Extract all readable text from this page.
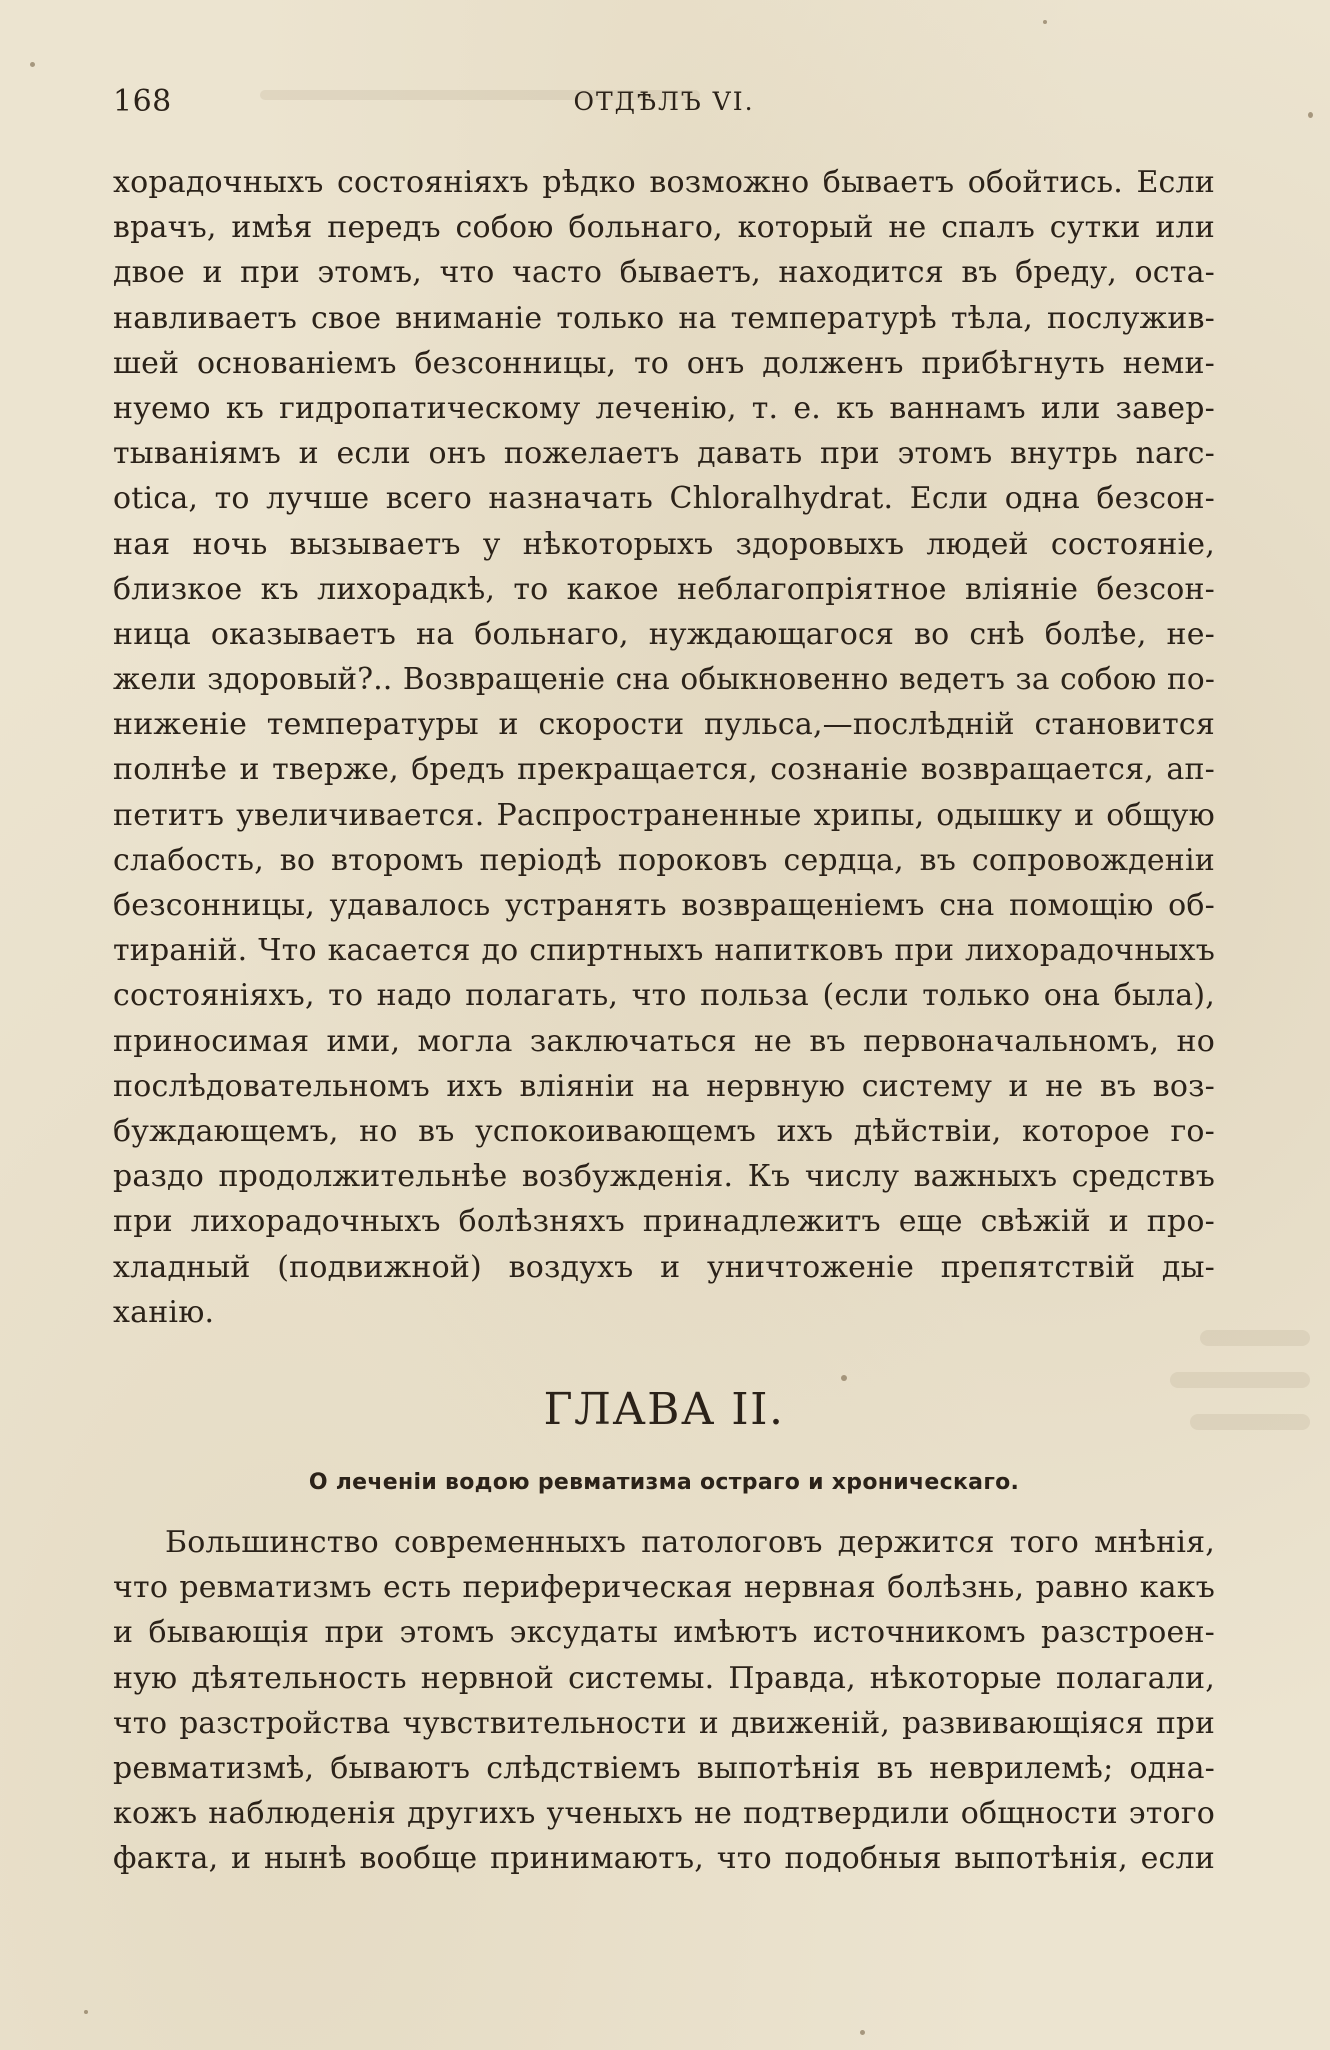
168	ОТДѢЛЪ VI.
хорадочныхъ состоянiяхъ рѣдко возможно бываетъ обойтись. Если
врачъ, имѣя передъ собою больнаго, который не спалъ сутки или
двое и при этомъ, что часто бываетъ, находится въ бреду, оста-
навливаетъ свое вниманiе только на температурѣ тѣла, послужив-
шей основанiемъ безсонницы, то онъ долженъ прибѣгнуть неми-
нуемо къ гидропатическому леченiю, т. е. къ ваннамъ или завер-
тыванiямъ и если онъ пожелаетъ давать при этомъ внутрь narc-
otica, то лучше всего назначать Chloralhydrat. Если одна безсон-
ная ночь вызываетъ у нѣкоторыхъ здоровыхъ людей состоянiе,
близкое къ лихорадкѣ, то какое неблагопрiятное влiянiе безсон-
ница оказываетъ на больнаго, нуждающагося во снѣ болѣе, не-
жели здоровый?.. Возвращенiе сна обыкновенно ведетъ за собою по-
ниженiе температуры и скорости пульса,—послѣднiй становится
полнѣе и тверже, бредъ прекращается, сознанiе возвращается, ап-
петитъ увеличивается. Распространенные хрипы, одышку и общую
слабость, во второмъ перiодѣ пороковъ сердца, въ сопровожденiи
безсонницы, удавалось устранять возвращенiемъ сна помощiю об-
тиранiй. Что касается до спиртныхъ напитковъ при лихорадочныхъ
состоянiяхъ, то надо полагать, что польза (если только она была),
приносимая ими, могла заключаться не въ первоначальномъ, но
послѣдовательномъ ихъ влiянiи на нервную систему и не въ воз-
буждающемъ, но въ успокоивающемъ ихъ дѣйствiи, которое го-
раздо продолжительнѣе возбужденiя. Къ числу важныхъ средствъ
при лихорадочныхъ болѣзняхъ принадлежитъ еще свѣжiй и про-
хладный (подвижной) воздухъ и уничтоженiе препятствiй ды-
ханiю.
ГЛАВА II.
О леченiи водою ревматизма остраго и хроническаго.
Большинство современныхъ патологовъ держится того мнѣнiя,
что ревматизмъ есть периферическая нервная болѣзнь, равно какъ
и бывающiя при этомъ эксудаты имѣютъ источникомъ разстроен-
ную дѣятельность нервной системы. Правда, нѣкоторые полагали,
что разстройства чувствительности и движенiй, развивающiяся при
ревматизмѣ, бываютъ слѣдствiемъ выпотѣнiя въ неврилемѣ; одна-
кожъ наблюденiя другихъ ученыхъ не подтвердили общности этого
факта, и нынѣ вообще принимаютъ, что подобныя выпотѣнiя, если
